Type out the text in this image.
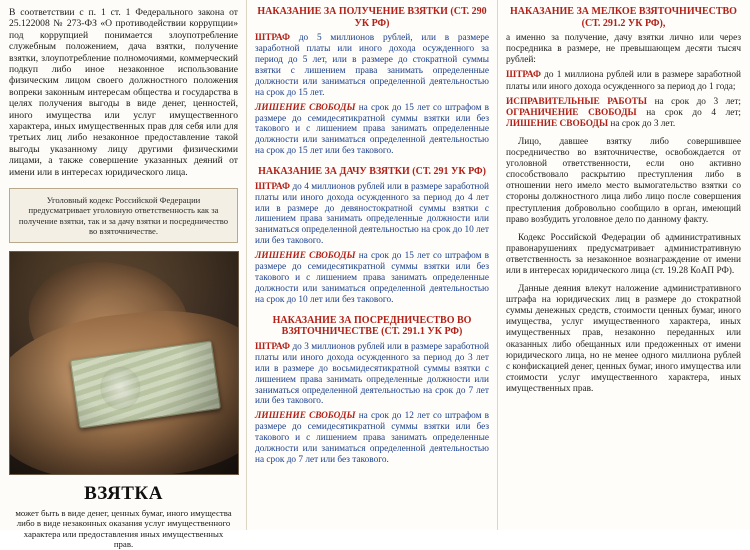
В соответствии с п. 1 ст. 1 Федерального закона от 25.122008 № 273-ФЗ «О противодействии коррупции» под коррупцией понимается злоупотребление служебным положением, дача взятки, получение взятки, злоупотребление полномочиями, коммерческий подкуп либо иное незаконное использование физическим лицом своего должностного положения вопреки законным интересам общества и государства в целях получения выгоды в виде денег, ценностей, иного имущества или услуг имущественного характера, иных имущественных прав для себя или для третьих лиц либо незаконное предоставление такой выгоды указанному лицу другими физическими лицами, а также совершение указанных деяний от имени или в интересах юридического лица.
Уголовный кодекс Российской Федерации предусматривает уголовную ответственность как за получение взятки, так и за дачу взятки и посредничество во взяточничестве.
ВЗЯТКА
может быть в виде денег, ценных бумаг, иного имущества либо в виде незаконных оказания услуг имущественного характера или предоставления иных имущественных прав.
НАКАЗАНИЕ ЗА ПОЛУЧЕНИЕ ВЗЯТКИ (СТ. 290 УК РФ)
ШТРАФ до 5 миллионов рублей, или в размере заработной платы или иного дохода осужденного за период до 5 лет, или в размере до стократной суммы взятки с лишением права занимать определенные должности или заниматься определенной деятельностью на срок до 15 лет.
ЛИШЕНИЕ СВОБОДЫ на срок до 15 лет со штрафом в размере до семидесятикратной суммы взятки или без такового и с лишением права занимать определенные должности или заниматься определенной деятельностью на срок до 15 лет или без такового.
НАКАЗАНИЕ ЗА ДАЧУ ВЗЯТКИ (СТ. 291 УК РФ)
ШТРАФ до 4 миллионов рублей или в размере заработной платы или иного дохода осужденного за период до 4 лет или в размере до девяностократной суммы взятки с лишением права занимать определенные должности или заниматься определенной деятельностью на срок до 10 лет или без такового.
ЛИШЕНИЕ СВОБОДЫ на срок до 15 лет со штрафом в размере до семидесятикратной суммы взятки или без такового и с лишением права занимать определенные должности или заниматься определенной деятельностью на срок до 10 лет или без такового.
НАКАЗАНИЕ ЗА ПОСРЕДНИЧЕСТВО ВО ВЗЯТОЧНИЧЕСТВЕ (СТ. 291.1 УК РФ)
ШТРАФ до 3 миллионов рублей или в размере заработной платы или иного дохода осужденного за период до 3 лет или в размере до восьмидесятикратной суммы взятки с лишением права занимать определенные должности или заниматься определенной деятельностью на срок до 7 лет или без такового.
ЛИШЕНИЕ СВОБОДЫ на срок до 12 лет со штрафом в размере до семидесятикратной суммы взятки или без такового и с лишением права занимать определенные должности или заниматься определенной деятельностью на срок до 7 лет или без такового.
НАКАЗАНИЕ ЗА МЕЛКОЕ ВЗЯТОЧНИЧЕСТВО (СТ. 291.2 УК РФ),
а именно за получение, дачу взятки лично или через посредника в размере, не превышающем десяти тысяч рублей:
ШТРАФ до 1 миллиона рублей или в размере заработной платы или иного дохода осужденного за период до 1 года;
ИСПРАВИТЕЛЬНЫЕ РАБОТЫ на срок до 3 лет; ОГРАНИЧЕНИЕ СВОБОДЫ на срок до 4 лет; ЛИШЕНИЕ СВОБОДЫ на срок до 3 лет.
Лицо, давшее взятку либо совершившее посредничество во взяточничестве, освобождается от уголовной ответственности, если оно активно способствовало раскрытию преступления либо в отношении него имело место вымогательство взятки со стороны должностного лица либо лицо после совершения преступления добровольно сообщило в орган, имеющий право возбудить уголовное дело по данному факту.
Кодекс Российской Федерации об административных правонарушениях предусматривает административную ответственность за незаконное вознаграждение от имени или в интересах юридического лица (ст. 19.28 КоАП РФ).
Данные деяния влекут наложение административного штрафа на юридических лиц в размере до стократной суммы денежных средств, стоимости ценных бумаг, иного имущества, услуг имущественного характера, иных имущественных прав, незаконно переданных или оказанных либо обещанных или предоженных от имени юридического лица, но не менее одного миллиона рублей с конфискацией денег, ценных бумаг, иного имущества или стоимости услуг имущественного характера, иных имущественных прав.
